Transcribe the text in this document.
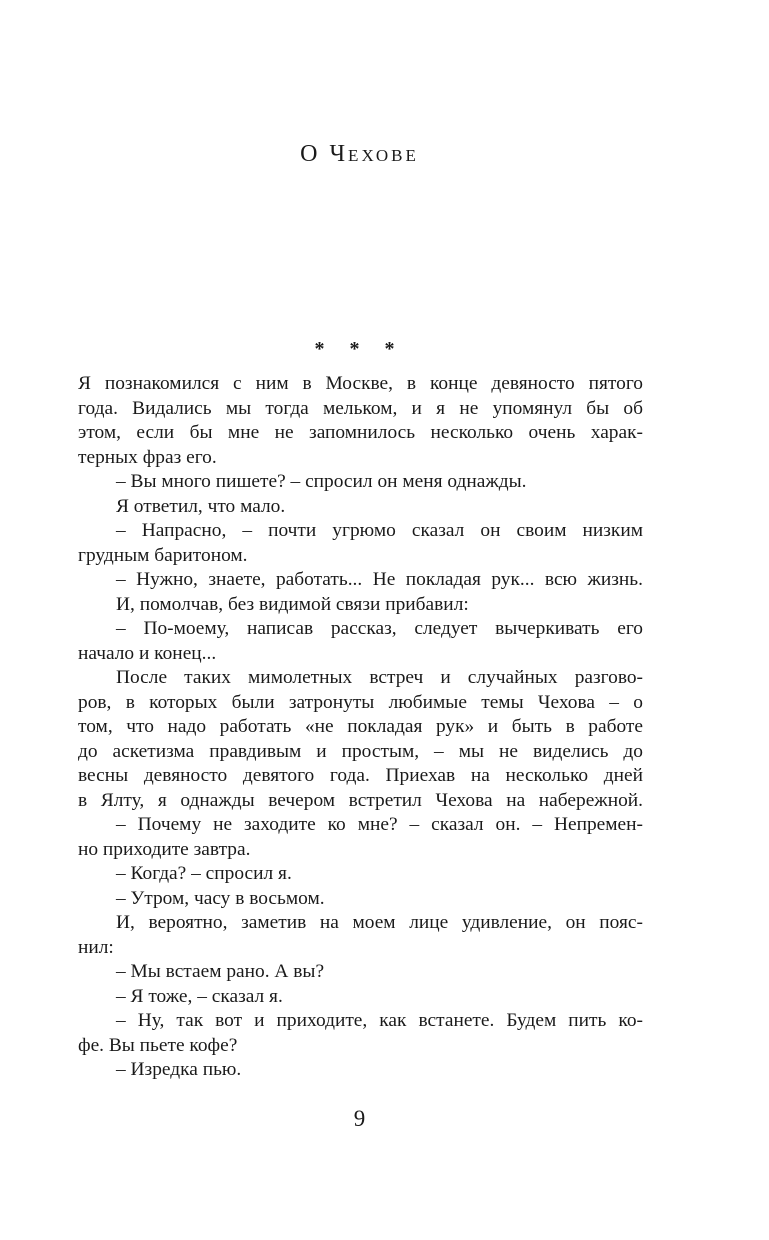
О Чехове
* * *
Я познакомился с ним в Москве, в конце девяносто пятого
года. Видались мы тогда мельком, и я не упомянул бы об
этом, если бы мне не запомнилось несколько очень харак-
терных фраз его.
– Вы много пишете? – спросил он меня однажды.
Я ответил, что мало.
– Напрасно, – почти угрюмо сказал он своим низким
грудным баритоном.
– Нужно, знаете, работать... Не покладая рук... всю жизнь.
И, помолчав, без видимой связи прибавил:
– По-моему, написав рассказ, следует вычеркивать его
начало и конец...
После таких мимолетных встреч и случайных разгово-
ров, в которых были затронуты любимые темы Чехова – о
том, что надо работать «не покладая рук» и быть в работе
до аскетизма правдивым и простым, – мы не виделись до
весны девяносто девятого года. Приехав на несколько дней
в Ялту, я однажды вечером встретил Чехова на набережной.
– Почему не заходите ко мне? – сказал он. – Непремен-
но приходите завтра.
– Когда? – спросил я.
– Утром, часу в восьмом.
И, вероятно, заметив на моем лице удивление, он пояс-
нил:
– Мы встаем рано. А вы?
– Я тоже, – сказал я.
– Ну, так вот и приходите, как встанете. Будем пить ко-
фе. Вы пьете кофе?
– Изредка пью.
9
